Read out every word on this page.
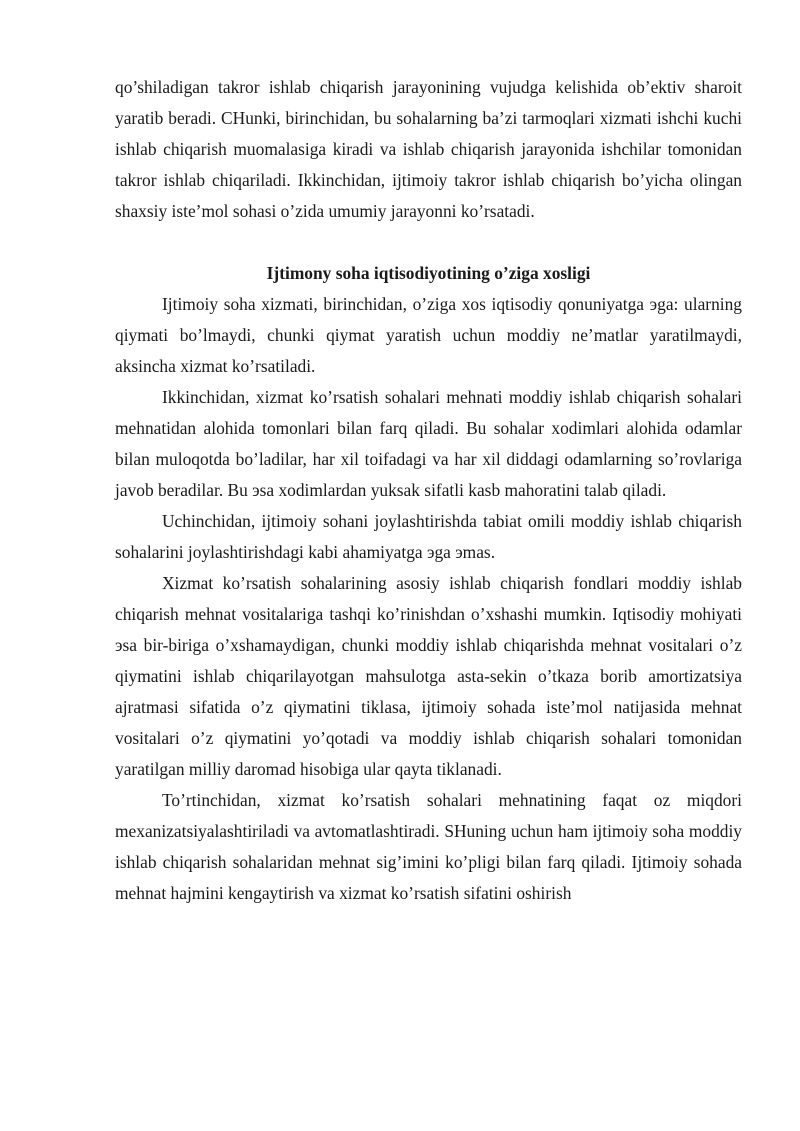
qo’shiladigan takror ishlab chiqarish jarayonining vujudga kelishida ob’ektiv sharoit yaratib beradi. CHunki, birinchidan, bu sohalarning ba’zi tarmoqlari xizmati ishchi kuchi ishlab chiqarish muomalasiga kiradi va ishlab chiqarish jarayonida ishchilar tomonidan takror ishlab chiqariladi. Ikkinchidan, ijtimoiy takror ishlab chiqarish bo’yicha olingan shaxsiy iste’mol sohasi o’zida umumiy jarayonni ko’rsatadi.

Ijtimony soha iqtisodiyotining o’ziga xosligi

Ijtimoiy soha xizmati, birinchidan, o’ziga xos iqtisodiy qonuniyatga эga: ularning qiymati bo’lmaydi, chunki qiymat yaratish uchun moddiy ne’matlar yaratilmaydi, aksincha xizmat ko’rsatiladi.

Ikkinchidan, xizmat ko’rsatish sohalari mehnati moddiy ishlab chiqarish sohalari mehnatidan alohida tomonlari bilan farq qiladi. Bu sohalar xodimlari alohida odamlar bilan muloqotda bo’ladilar, har xil toifadagi va har xil diddagi odamlarning so’rovlariga javob beradilar. Bu эsa xodimlardan yuksak sifatli kasb mahoratini talab qiladi.

Uchinchidan, ijtimoiy sohani joylashtirishda tabiat omili moddiy ishlab chiqarish sohalarini joylashtirishdagi kabi ahamiyatga эga эmas.

Xizmat ko’rsatish sohalarining asosiy ishlab chiqarish fondlari moddiy ishlab chiqarish mehnat vositalariga tashqi ko’rinishdan o’xshashi mumkin. Iqtisodiy mohiyati эsa bir-biriga o’xshamaydigan, chunki moddiy ishlab chiqarishda mehnat vositalari o’z qiymatini ishlab chiqarilayotgan mahsulotga asta-sekin o’tkaza borib amortizatsiya ajratmasi sifatida o’z qiymatini tiklasa, ijtimoiy sohada iste’mol natijasida mehnat vositalari o’z qiymatini yo’qotadi va moddiy ishlab chiqarish sohalari tomonidan yaratilgan milliy daromad hisobiga ular qayta tiklanadi.

To’rtinchidan, xizmat ko’rsatish sohalari mehnatining faqat oz miqdori mexanizatsiyalashtiriladi va avtomatlashtiradi. SHuning uchun ham ijtimoiy soha moddiy ishlab chiqarish sohalaridan mehnat sig’imini ko’pligi bilan farq qiladi. Ijtimoiy sohada mehnat hajmini kengaytirish va xizmat ko’rsatish sifatini oshirish
